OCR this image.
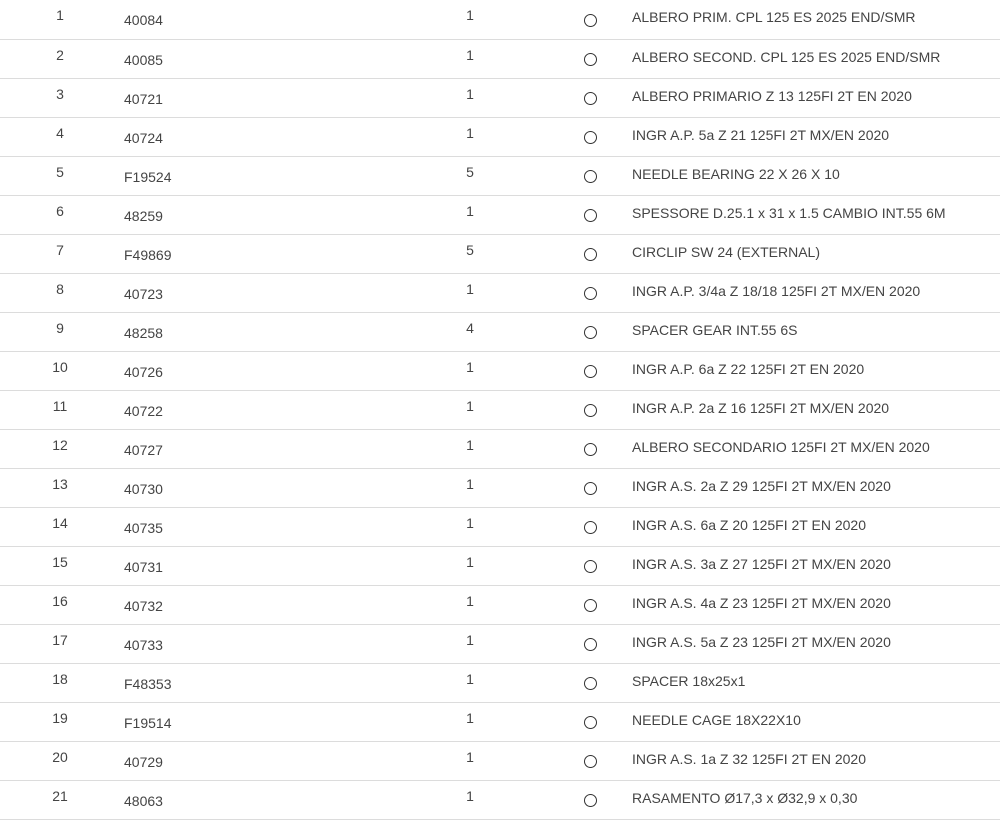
1	40084	1		ALBERO PRIM. CPL 125 ES 2025 END/SMR
2	40085	1		ALBERO SECOND. CPL 125 ES 2025 END/SMR
3	40721	1		ALBERO PRIMARIO Z 13 125FI 2T EN 2020
4	40724	1		INGR A.P. 5a Z 21 125FI 2T MX/EN 2020
5	F19524	5		NEEDLE BEARING 22 X 26 X 10
6	48259	1		SPESSORE D.25.1 x 31 x 1.5 CAMBIO INT.55 6M
7	F49869	5		CIRCLIP SW 24 (EXTERNAL)
8	40723	1		INGR A.P. 3/4a Z 18/18 125FI 2T MX/EN 2020
9	48258	4		SPACER GEAR INT.55 6S
10	40726	1		INGR A.P. 6a Z 22 125FI 2T EN 2020
11	40722	1		INGR A.P. 2a Z 16 125FI 2T MX/EN 2020
12	40727	1		ALBERO SECONDARIO 125FI 2T MX/EN 2020
13	40730	1		INGR A.S. 2a Z 29 125FI 2T MX/EN 2020
14	40735	1		INGR A.S. 6a Z 20 125FI 2T EN 2020
15	40731	1		INGR A.S. 3a Z 27 125FI 2T MX/EN 2020
16	40732	1		INGR A.S. 4a Z 23 125FI 2T MX/EN 2020
17	40733	1		INGR A.S. 5a Z 23 125FI 2T MX/EN 2020
18	F48353	1		SPACER 18x25x1
19	F19514	1		NEEDLE CAGE 18X22X10
20	40729	1		INGR A.S. 1a Z 32 125FI 2T EN 2020
21	48063	1		RASAMENTO Ø17,3 x Ø32,9 x 0,30
